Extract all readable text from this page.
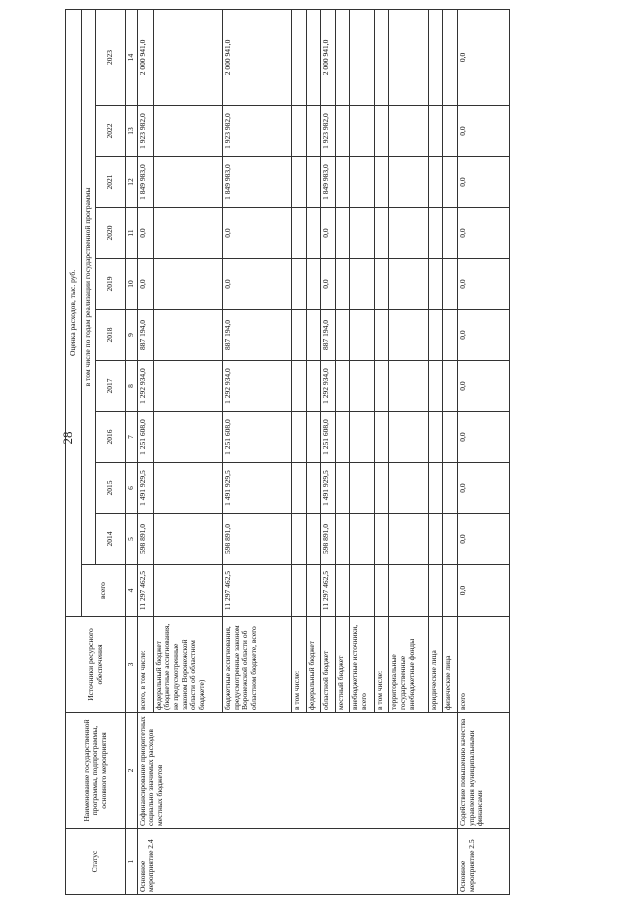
28
Статус	Наименование государственной программы, подпрограммы, основного мероприятия	Источники ресурсного обеспечения	Оценка расходов, тыс. руб.										
			всего	в том числе по годам реализации государственной программы									
				2014	2015	2016	2017	2018	2019	2020	2021	2022	2023
1	2	3	4	5	6	7	8	9	10	11	12	13	14
Основное мероприятие 2.4	Софинансирование приоритетных социально значимых расходов местных бюджетов	всего, в том числе:	11 297 462,5	598 891,0	1 491 929,5	1 251 608,0	1 292 934,0	887 194,0	0,0	0,0	1 849 983,0	1 923 982,0	2 000 941,0
		федеральный бюджет (бюджетные ассигнования, не предусмотренные законом Воронежской области об областном бюджете)											
		бюджетные ассигнования, предусмотренные законом Воронежской области об областном бюджете, всего	11 297 462,5	598 891,0	1 491 929,5	1 251 608,0	1 292 934,0	887 194,0	0,0	0,0	1 849 983,0	1 923 982,0	2 000 941,0
		в том числе:											
		федеральный бюджет											
		областной бюджет	11 297 462,5	598 891,0	1 491 929,5	1 251 608,0	1 292 934,0	887 194,0	0,0	0,0	1 849 983,0	1 923 982,0	2 000 941,0
		местный бюджет											
		внебюджетные источники, всего											
		в том числе:											
		территориальные государственные внебюджетные фонды											
		юридические лица											
		физические лица											
Основное мероприятие 2.5	Содействие повышению качества управления муниципальными финансами	всего	0,0	0,0	0,0	0,0	0,0	0,0	0,0	0,0	0,0	0,0	0,0
